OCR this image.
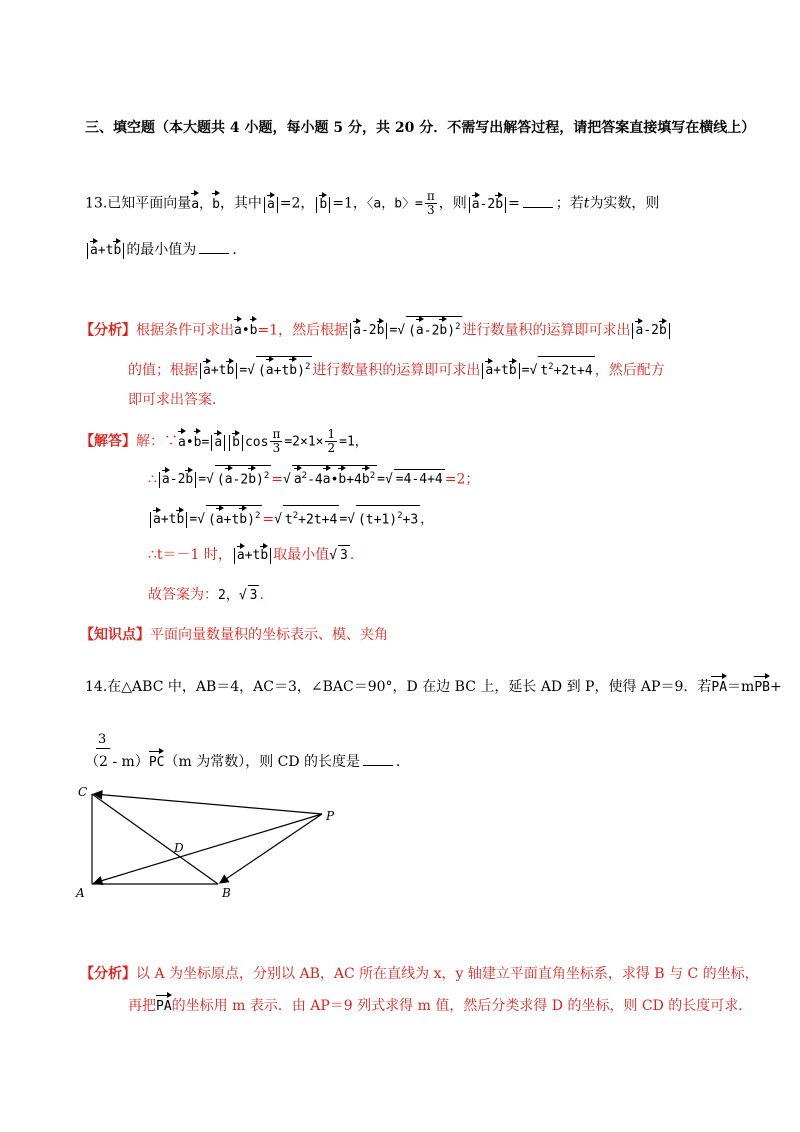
三、填空题（本大题共 4 小题，每小题 5 分，共 20 分．不需写出解答过程，请把答案直接填写在横线上）
13.已知平面向量a，b，其中 a =2， b =1，〈a，b〉= $\frac{\pi}{3}$ ，则 a-2b =	；若t为实数，则
a+tb 的最小值为	．
【分析】根据条件可求出a•b=1，然后根据 a-2b =√ $(a-2b)^2$ 进行数量积的运算即可求出 a-2b
的值；根据 a+tb =√ $(a+tb)^2$ 进行数量积的运算即可求出 a+tb =√ $t^2+2t+4$ ，然后配方
即可求出答案．
【解答】解：∵a•b= a b $\cos \frac{\pi}{3} =2\times 1\times \frac{1}{2} =1$，
∴ a-2b =√ $(a-2b)^2$ =√ $a^2-4a•b+4b^2$ =√ =4-4+4 =2；
a+tb =√ $(a+tb)^2$ =√ $t^2+2t+4$ =√ $(t+1)^2+3$ ，
∴t＝－1 时， a+tb 取最小值√ 3 ．
故答案为：2，√ 3 ．
【知识点】平面向量数量积的坐标表示、模、夹角
14.在△ABC 中，AB＝4，AC＝3，∠BAC＝90°，D 在边 BC 上，延长 AD 到 P，使得 AP＝9．若PA＝mPB+
3
（2 - m）PC（m 为常数），则 CD 的长度是	．
C
P
D
A	B
【分析】以 A 为坐标原点，分别以 AB，AC 所在直线为 x，y 轴建立平面直角坐标系，求得 B 与 C 的坐标，
再把PA的坐标用 m 表示．由 AP＝9 列式求得 m 值，然后分类求得 D 的坐标，则 CD 的长度可求．
